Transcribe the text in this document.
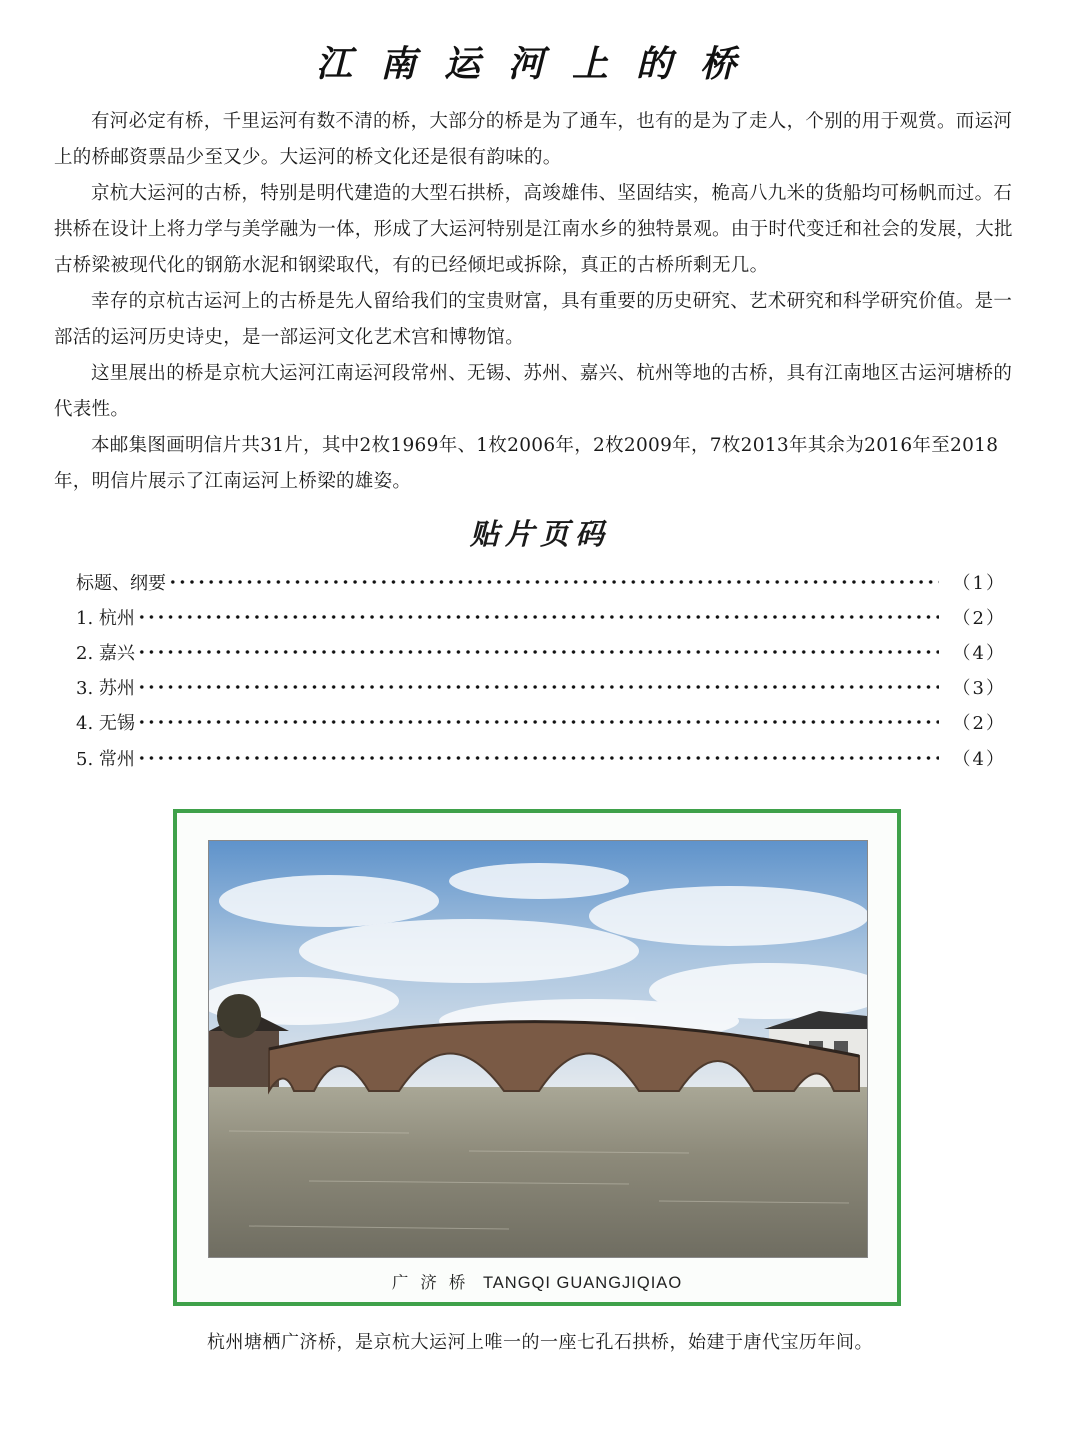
江南运河上的桥

有河必定有桥，千里运河有数不清的桥，大部分的桥是为了通车，也有的是为了走人，个别的用于观赏。而运河上的桥邮资票品少至又少。大运河的桥文化还是很有韵味的。

京杭大运河的古桥，特别是明代建造的大型石拱桥，高竣雄伟、坚固结实，桅高八九米的货船均可杨帆而过。石拱桥在设计上将力学与美学融为一体，形成了大运河特别是江南水乡的独特景观。由于时代变迁和社会的发展，大批古桥梁被现代化的钢筋水泥和钢梁取代，有的已经倾圯或拆除，真正的古桥所剩无几。

幸存的京杭古运河上的古桥是先人留给我们的宝贵财富，具有重要的历史研究、艺术研究和科学研究价值。是一部活的运河历史诗史，是一部运河文化艺术宫和博物馆。

这里展出的桥是京杭大运河江南运河段常州、无锡、苏州、嘉兴、杭州等地的古桥，具有江南地区古运河塘桥的代表性。

本邮集图画明信片共31片，其中2枚1969年、1枚2006年，2枚2009年，7枚2013年其余为2016年至2018年，明信片展示了江南运河上桥梁的雄姿。

贴片页码
标题、纲要	（1）
1. 杭州	（2）
2. 嘉兴	（4）
3. 苏州	（3）
4. 无锡	（2）
5. 常州	（4）
广济桥 TANGQI GUANGJIQIAO
杭州塘栖广济桥，是京杭大运河上唯一的一座七孔石拱桥，始建于唐代宝历年间。
